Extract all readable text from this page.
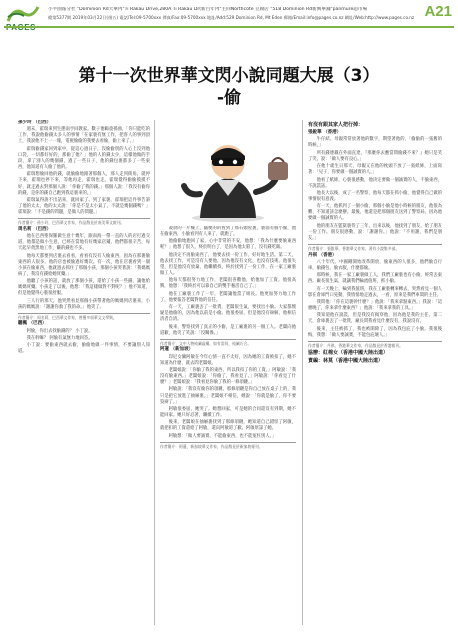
小平園報分社 "Dominion Rd大華內"Ti Rakau Drive,280A Ti Rakau Dr(新百年內"主回Northcote 豆腐店 "518 Dominion Rd新興華舖"panmure超市場
總第5377期 2019年03月22日(週五) 電話/Tel:09-5700xxx 傳真/Fax:09-5700xxx 地址/Add:529 Dominion Rd, Mt Eden 郵箱/Email:info@pages.co.nz 網址/Web:http://www.pages.co.nz A21
第十一次世界華文閃小說同題大展（3）
-偷

孫少玲 （巴西）

週末，霍瑞來到生態南亨回教家。數子他鶴童孫曲，「你只能吃的工作，我說他偷錢太多人的事情「在家裏有無工作，把客人的事到頂上，我說他不上一一塊，電視偷偷的我要去看偷，偷上來了。」

霍瑞偷錢家回到家中，從這心過日子，沒偷偷別的人心上沒到他口袋，一切都好好的，那偷了他？」他的人的錢太少，這樣他做的手段，拿了別人的幾個錢，過了一些日子，他的錢包裏都多了一些東西，他知道有人偷了他的。

霍瑞想偷回他的錢，就偷偷地跟著那個人，那人走到街角，就停下來，霍瑞也停下來，等他再走，霍瑞也走。霍瑞覺得偷偷摸摸不好，就走過去對那個人說：「你偷了我的錢。」那個人說：「我沒有偷你的錢，是你的錢自己跑到我這裏來的。」

霍瑞氣得說不出話來，就回家了。到了家裏，霍瑞把這件事告訴了他的太太，他的太太說：「你是不是太小氣了，不就是幾個錢嗎？」霍瑞說：「不是錢的問題，是做人的問題。」

作者簡介：孫少玲，巴西華文作家，作品散見於南美華文報刊。

周名莉 （巴西）

他在巴西聖保羅做生意十幾年，跟南海一帶一直的人的店打過交道，他都是做小生意，已經在當地有好幾家店鋪，他們都很辛苦，每天起早貪黑地工作，賺的錢也不多。

他每天都要到店裏去看看，看看有沒有人偷東西，因為在那裏偷東西的人很多，他的店也被偷過好幾次。有一次，他在店裏看到一個小孩在偷東西，他就過去抓住了那個小孩，那個小孩哭著說：「我媽媽病了，我沒有錢給她買藥。」

他聽了小孩的話，就放了那個小孩，還給了小孩一些錢，讓他給媽媽買藥。小孩走了以後，他想：「我這樣做對不對呢？」他不知道，但是他覺得心裏很舒服。

三人行的那天，他突然看見那個小孩帶著他的媽媽到店裏來，小孩的媽媽說：「謝謝你救了我的命。」他笑了。

作者簡介：周名莉，巴西華文作家，曾獲多項華文文學獎。

聽楓 （巴西）

阿偷，你出去找偷錢的？ 小丁說。

我在幹嘛？ 阿偷有氣無力地回答。

小丁說：要偷東西就去偷，偷偷地做一件事情，不要讓別人知道。

凌晨的一片樓上，隨便的的看到了那石頭屋裏，裏面有個小偷，他在偷東西，小偷看到有人來了，就跑了。

他偷偷地跑回了家，心中非常的不安，他想：「我為什麼要偷東西呢？」他想了很久，終於明白了，是因為他太窮了，沒有錢吃飯。

他決定不再偷東西了，他要去找一份工作，好好地生活。第二天，他去找工作，可是沒有人要他，因為他沒有文化，也沒有技術。他很失望，但是他沒有放棄，他繼續找，終於找到了一份工作，在一家工廠裏做工人。

他每天都很努力地工作，老闆很喜歡他，給他加了工資。他很高興，他想：「我終於可以靠自己的雙手養活自己了。」

他在工廠裏工作了一年，老闆讓他當了組長。他更加努力地工作了，他要報答老闆對他的信任。

有一天，工廠裏丟了一批貨，老闆很生氣，要找出小偷。大家都懷疑是他偷的，因為他以前是小偷。他很委屈，但是他沒有辯解，他相信清者自清。

後來，警察找到了真正的小偷，是工廠裏的另一個工人。老闆向他道歉，他笑了笑說：「沒關係。」

作者簡介：文中人物純屬虛構，如有雷同，純屬巧合。

阿蓮 （新加坡）

印尼女傭阿敏在今年心情一直不太好，因為她的工資被扣了，她不知道為什麼，就去問老闆娘。

老闆娘說：「你偷了我的東西，所以我扣了你的工資。」阿敏說：「我沒有偷東西。」老闆娘說：「你偷了，我看見了。」阿敏說：「你看見了什麼？」老闆娘說：「我看見你偷了我的一條項鏈。」

阿敏說：「我沒有偷你的項鏈，那條項鏈是你自己放在桌子上的，我只是把它放進了抽屜裏。」老闆娘不相信，她說：「你就是偷了，你不要狡辯了。」

阿敏很委屈，她哭了。她想回家，可是她的合同還沒有到期，她不能回家。她只好忍著，繼續工作。

後來，老闆娘在抽屜裏找到了那條項鏈，她知道自己錯怪了阿敏，就把扣的工資還給了阿敏，還向阿敏道了歉。阿敏原諒了她。

阿敏想：「做人要誠實，不能偷東西，也不能冤枉別人。」

作者簡介：阿蓮，新加坡華文作家，作品散見於新加坡報刊。

有沒有跟其家人把行掉：

張銳華 （香港）

牛仔結。母親常常放著他的數字，期望著他的，「偷偷的一張舊的時候。」

所有錢連載在外面直達，『那麼你去應當問偷錢不來？』她只是笑了笑，說：「做人要有良心。」

在他十歲生日那天，母親又在他的枕頭下放了一張紙條，上面寫著：「兒子，你要做一個誠實的人。」

他看了紙條，心裏很感動，他決定要做一個誠實的人，不偷東西，不說謊話。

他長大以後，成了一名警察，他每天都在抓小偷，他覺得自己做的事情很有意義。

有一天，他抓到了一個小偷，那個小偷是他小時候的朋友，他很為難，不知道該怎麼辦。最後，他還是把那個朋友送到了警察局，因為他要做一個誠實的人。

他的朋友在監獄裏待了三年，出來以後，他找到了朋友，給了朋友一份工作。朋友很感動，說：「謝謝你。」他說：「不用謝，我們是朋友。」

作者簡介：張銳華，香港華文作家，著有小說集多部。

丹祺 （香港）

八十年代，中國剛開始改革開放，偷東西的人很多，他們偷自行車，偷錢包，偷衣服，什麼都偷。

那時候，我在一家工廠裏做工人，我們工廠裏也有小偷，經常丟東西。廠長很生氣，就讓我們輪流值班，抓小偷。

有一天晚上，輪到我值班，我在工廠裏轉來轉去，突然看見一個人影在倉庫門口晃動，我悄悄地走過去，一看，原來是我們車間的主任。

我問他：「你在這裏幹什麼？」他說：「我來拿點東西。」我說：「這麼晚了，你來拿什麼東西？」他說：「我來拿我的工具。」

我知道他在說謊，但是我沒有揭穿他，因為他是我的主任。第二天，倉庫裏丟了一批貨，廠長問我看見什麼沒有，我說沒有。

後來，主任被抓了，我也被開除了，因為我包庇了小偷。我很後悔，我想：「做人要誠實，不能包庇壞人。」

作者簡介：丹祺，香港華文作家，作品散見於香港報刊。

協辦：紅棉女（香港中國大陸出道）

責編：林莫（香港中國大陸出道）
